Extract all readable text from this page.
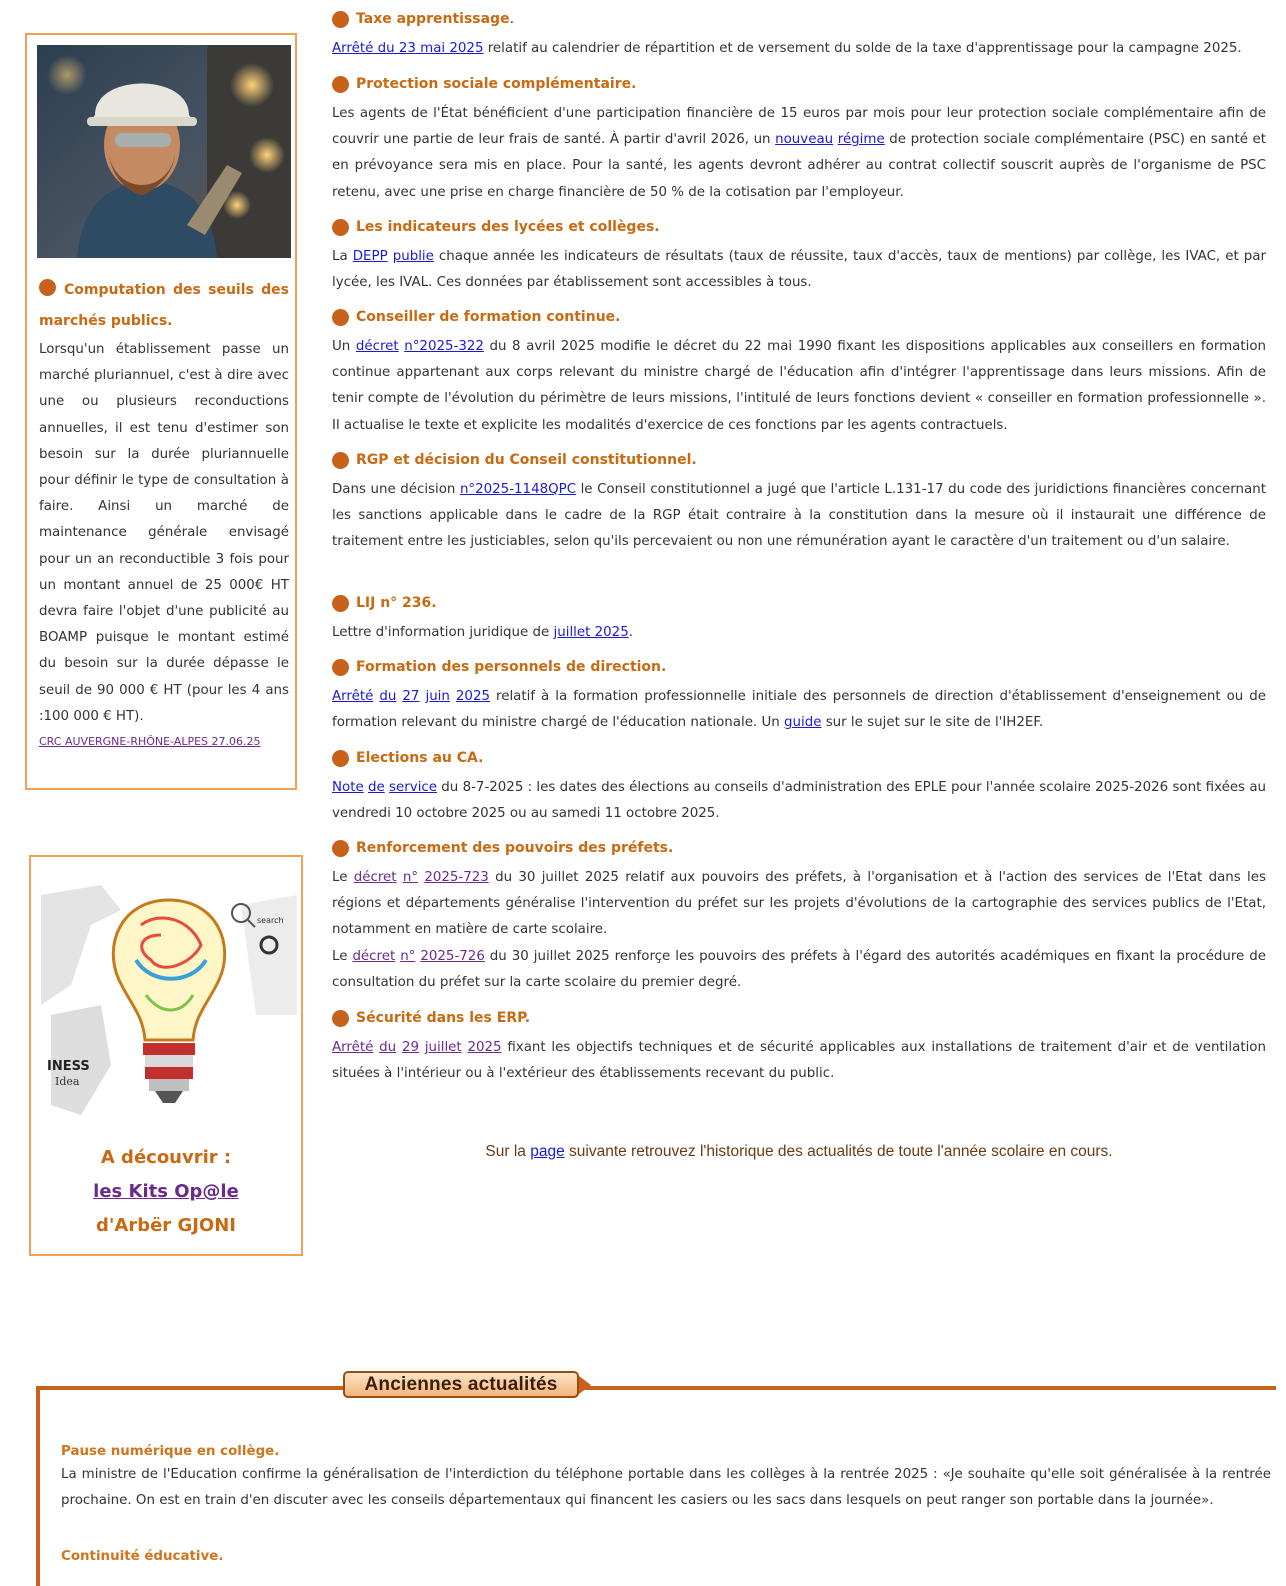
Computation des seuils des marchés publics.
Lorsqu'un établissement passe un marché pluriannuel, c'est à dire avec une ou plusieurs reconductions annuelles, il est tenu d'estimer son besoin sur la durée pluriannuelle pour définir le type de consultation à faire. Ainsi un marché de maintenance générale envisagé pour un an reconductible 3 fois pour un montant annuel de 25 000€ HT devra faire l'objet d'une publicité au BOAMP puisque le montant estimé du besoin sur la durée dépasse le seuil de 90 000 € HT (pour les 4 ans :100 000 € HT).
CRC AUVERGNE-RHÔNE-ALPES 27.06.25
INESS
Idea
search
A découvrir :
les Kits Op@le
d'Arbër GJONI
Taxe apprentissage .
Arrêté du 23 mai 2025 relatif au calendrier de répartition et de versement du solde de la taxe d'apprentissage pour la campagne 2025.
Protection sociale complémentaire.
Les agents de l'État bénéficient d'une participation financière de 15 euros par mois pour leur protection sociale complémentaire afin de couvrir une partie de leur frais de santé. À partir d'avril 2026, un nouveau régime de protection sociale complémentaire (PSC) en santé et en prévoyance sera mis en place. Pour la santé, les agents devront adhérer au contrat collectif souscrit auprès de l'organisme de PSC retenu, avec une prise en charge financière de 50 % de la cotisation par l'employeur.
Les indicateurs des lycées et collèges.
La DEPP publie chaque année les indicateurs de résultats (taux de réussite, taux d'accès, taux de mentions) par collège, les IVAC, et par lycée, les IVAL. Ces données par établissement sont accessibles à tous.
Conseiller de formation continue.
Un décret n°2025-322 du 8 avril 2025 modifie le décret du 22 mai 1990 fixant les dispositions applicables aux conseillers en formation continue appartenant aux corps relevant du ministre chargé de l'éducation afin d'intégrer l'apprentissage dans leurs missions. Afin de tenir compte de l'évolution du périmètre de leurs missions, l'intitulé de leurs fonctions devient « conseiller en formation professionnelle ». Il actualise le texte et explicite les modalités d'exercice de ces fonctions par les agents contractuels.
RGP et décision du Conseil constitutionnel.
Dans une décision n°2025-1148QPC le Conseil constitutionnel a jugé que l'article L.131-17 du code des juridictions financières concernant les sanctions applicable dans le cadre de la RGP était contraire à la constitution dans la mesure où il instaurait une différence de traitement entre les justiciables, selon qu'ils percevaient ou non une rémunération ayant le caractère d'un traitement ou d'un salaire.
LIJ n° 236.
Lettre d'information juridique de juillet 2025.
Formation des personnels de direction.
Arrêté du 27 juin 2025 relatif à la formation professionnelle initiale des personnels de direction d'établissement d'enseignement ou de formation relevant du ministre chargé de l'éducation nationale. Un guide sur le sujet sur le site de l'IH2EF.
Elections au CA.
Note de service du 8-7-2025 : les dates des élections au conseils d'administration des EPLE pour l'année scolaire 2025-2026 sont fixées au vendredi 10 octobre 2025 ou au samedi 11 octobre 2025.
Renforcement des pouvoirs des préfets.
Le décret n° 2025-723 du 30 juillet 2025 relatif aux pouvoirs des préfets, à l'organisation et à l'action des services de l'Etat dans les régions et départements généralise l'intervention du préfet sur les projets d'évolutions de la cartographie des services publics de l'Etat, notamment en matière de carte scolaire.
Le décret n° 2025-726 du 30 juillet 2025 renforçe les pouvoirs des préfets à l'égard des autorités académiques en fixant la procédure de consultation du préfet sur la carte scolaire du premier degré.
Sécurité dans les ERP.
Arrêté du 29 juillet 2025 fixant les objectifs techniques et de sécurité applicables aux installations de traitement d'air et de ventilation situées à l'intérieur ou à l'extérieur des établissements recevant du public.
Sur la page suivante retrouvez l'historique des actualités de toute l'année scolaire en cours.
Anciennes actualités
Pause numérique en collège.
La ministre de l'Education confirme la généralisation de l'interdiction du téléphone portable dans les collèges à la rentrée 2025 : «Je souhaite qu'elle soit généralisée à la rentrée prochaine. On est en train d'en discuter avec les conseils départementaux qui financent les casiers ou les sacs dans lesquels on peut ranger son portable dans la journée».
Continuité éducative.
